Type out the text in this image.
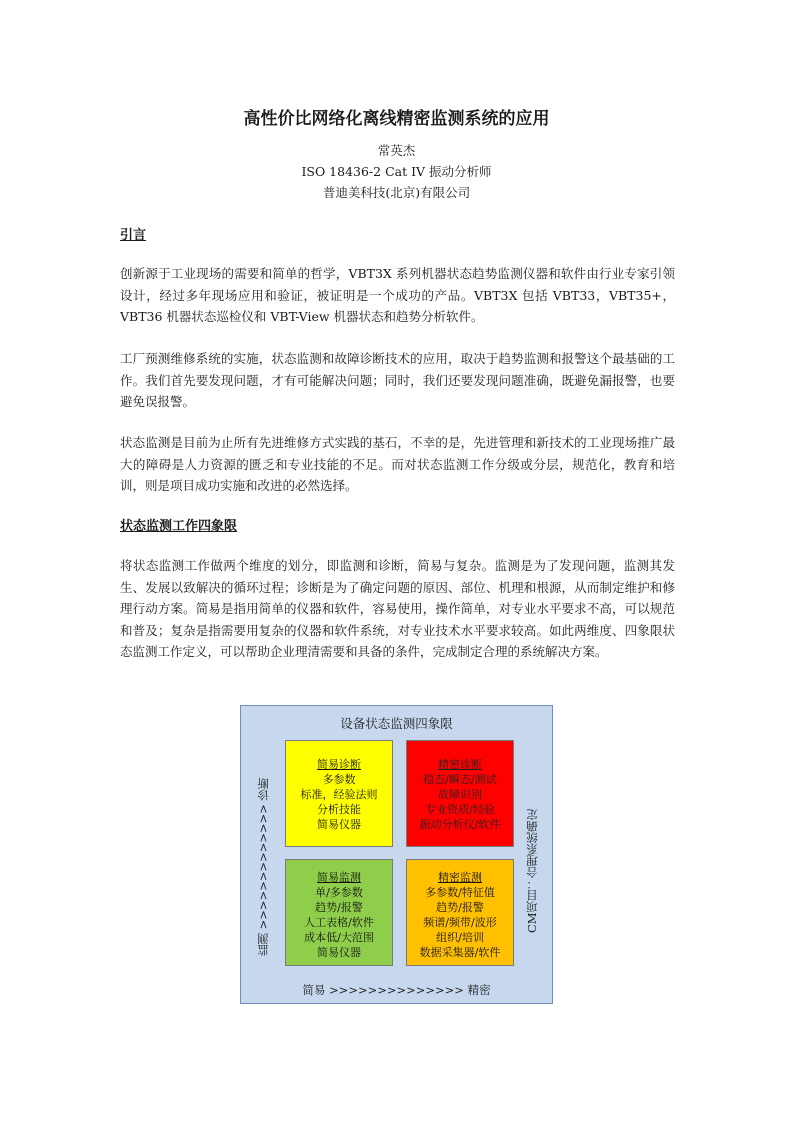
高性价比网络化离线精密监测系统的应用
常英杰
ISO 18436-2 Cat IV 振动分析师
普迪美科技(北京)有限公司
引言

创新源于工业现场的需要和简单的哲学，VBT3X 系列机器状态趋势监测仪器和软件由行业专家引领设计，经过多年现场应用和验证，被证明是一个成功的产品。VBT3X 包括 VBT33，VBT35+，VBT36 机器状态巡检仪和 VBT-View 机器状态和趋势分析软件。

工厂预测维修系统的实施，状态监测和故障诊断技术的应用，取决于趋势监测和报警这个最基础的工作。我们首先要发现问题，才有可能解决问题；同时，我们还要发现问题准确，既避免漏报警，也要避免误报警。

状态监测是目前为止所有先进维修方式实践的基石，不幸的是，先进管理和新技术的工业现场推广最大的障碍是人力资源的匮乏和专业技能的不足。而对状态监测工作分级或分层，规范化，教育和培训，则是项目成功实施和改进的必然选择。

状态监测工作四象限

将状态监测工作做两个维度的划分，即监测和诊断，简易与复杂。监测是为了发现问题，监测其发生、发展以致解决的循环过程；诊断是为了确定问题的原因、部位、机理和根源，从而制定维护和修理行动方案。简易是指用简单的仪器和软件，容易使用，操作简单，对专业水平要求不高，可以规范和普及；复杂是指需要用复杂的仪器和软件系统，对专业技术水平要求较高。如此两维度、四象限状态监测工作定义，可以帮助企业理清需要和具备的条件，完成制定合理的系统解决方案。

设备状态监测四象限
简易诊断
多参数
标准，经验法则
分析技能
简易仪器
精密诊断
稳态/瞬态/测试
故障识别
专业资质/经验
振动分析仪/软件
简易监测
单/多参数
趋势/报警
人工表格/软件
成本低/大范围
简易仪器
精密监测
多参数/特征值
趋势/报警
频谱/频带/波形
组织/培训
数据采集器/软件
监测 >>>>>>>>>>>>> 诊断	CM项目：合理系统确定
简易 >>>>>>>>>>>>>> 精密
